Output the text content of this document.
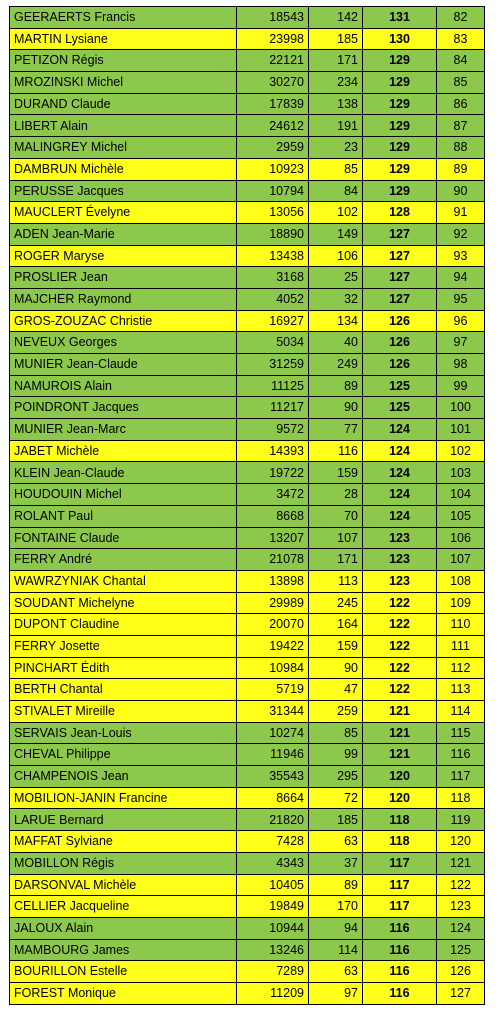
GEERAERTS Francis	18543	142	131	82
MARTIN Lysiane	23998	185	130	83
PETIZON Régis	22121	171	129	84
MROZINSKI Michel	30270	234	129	85
DURAND Claude	17839	138	129	86
LIBERT Alain	24612	191	129	87
MALINGREY Michel	2959	23	129	88
DAMBRUN Michèle	10923	85	129	89
PERUSSE Jacques	10794	84	129	90
MAUCLERT Évelyne	13056	102	128	91
ADEN Jean-Marie	18890	149	127	92
ROGER Maryse	13438	106	127	93
PROSLIER Jean	3168	25	127	94
MAJCHER Raymond	4052	32	127	95
GROS-ZOUZAC Christie	16927	134	126	96
NEVEUX Georges	5034	40	126	97
MUNIER Jean-Claude	31259	249	126	98
NAMUROIS Alain	11125	89	125	99
POINDRONT Jacques	11217	90	125	100
MUNIER Jean-Marc	9572	77	124	101
JABET Michèle	14393	116	124	102
KLEIN Jean-Claude	19722	159	124	103
HOUDOUIN Michel	3472	28	124	104
ROLANT Paul	8668	70	124	105
FONTAINE Claude	13207	107	123	106
FERRY André	21078	171	123	107
WAWRZYNIAK Chantal	13898	113	123	108
SOUDANT Michelyne	29989	245	122	109
DUPONT Claudine	20070	164	122	110
FERRY Josette	19422	159	122	111
PINCHART Édith	10984	90	122	112
BERTH Chantal	5719	47	122	113
STIVALET Mireille	31344	259	121	114
SERVAIS Jean-Louis	10274	85	121	115
CHEVAL Philippe	11946	99	121	116
CHAMPENOIS Jean	35543	295	120	117
MOBILION-JANIN Francine	8664	72	120	118
LARUE Bernard	21820	185	118	119
MAFFAT Sylviane	7428	63	118	120
MOBILLON Régis	4343	37	117	121
DARSONVAL Michèle	10405	89	117	122
CELLIER Jacqueline	19849	170	117	123
JALOUX Alain	10944	94	116	124
MAMBOURG James	13246	114	116	125
BOURILLON Estelle	7289	63	116	126
FOREST Monique	11209	97	116	127
